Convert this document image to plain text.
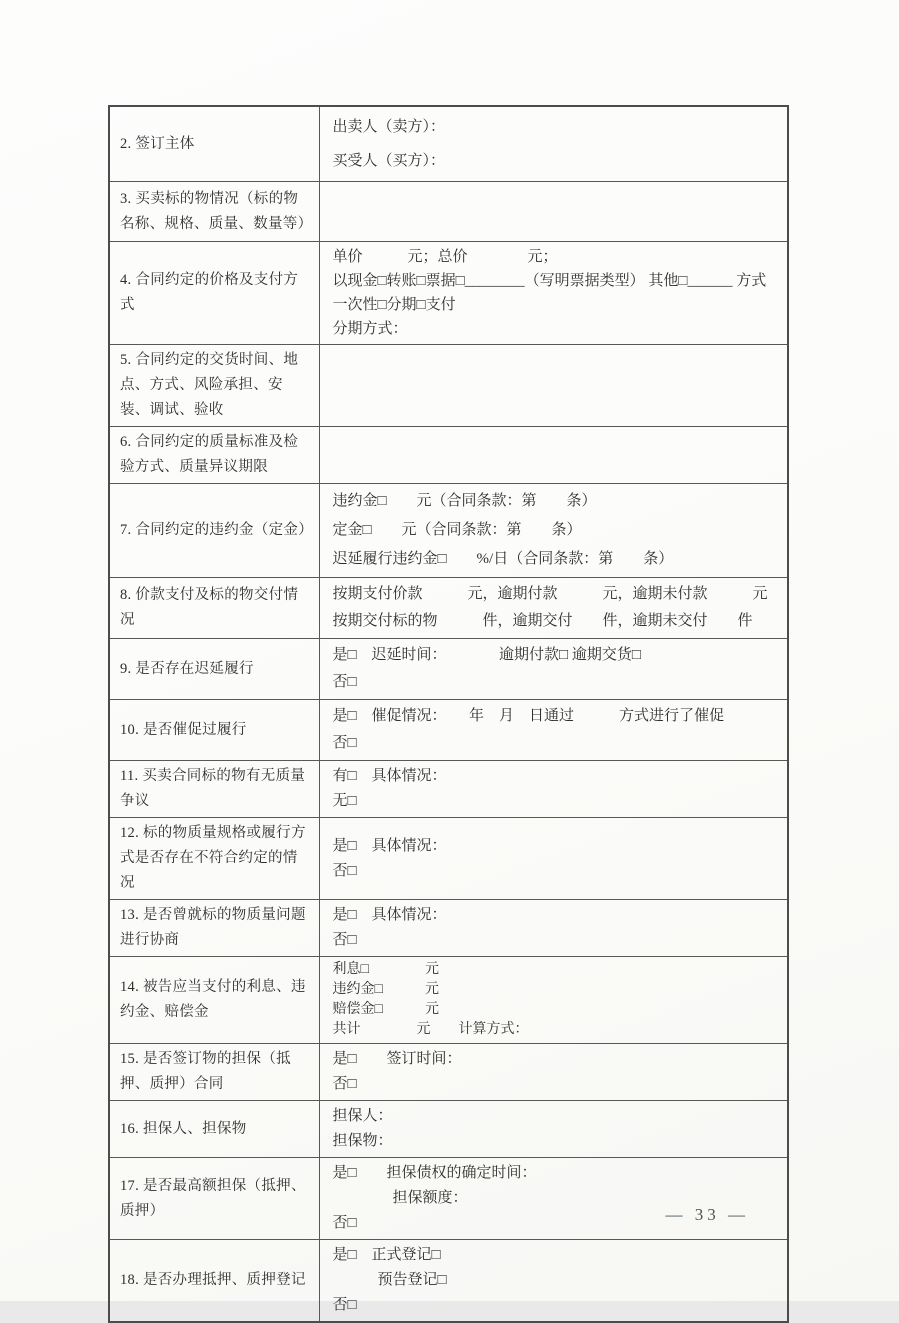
2. 签订主体	出卖人（卖方）：
买受人（买方）：

3. 买卖标的物情况（标的物名称、规格、质量、数量等）	
4. 合同约定的价格及支付方式	单价　　　元；总价　　　　元；
以现金□转账□票据□________（写明票据类型） 其他□______ 方式
一次性□分期□支付
分期方式：

5. 合同约定的交货时间、地点、方式、风险承担、安装、调试、验收	
6. 合同约定的质量标准及检验方式、质量异议期限	
7. 合同约定的违约金（定金）	违约金□　　元（合同条款：第　　条）
定金□　　元（合同条款：第　　条）
迟延履行违约金□　　%/日（合同条款：第　　条）

8. 价款支付及标的物交付情况	按期支付价款　　　元，逾期付款　　　元，逾期未付款　　　元
按期交付标的物　　　件，逾期交付　　件，逾期未交付　　件

9. 是否存在迟延履行	是□　迟延时间：　　　　逾期付款□ 逾期交货□
否□

10. 是否催促过履行	是□　催促情况：　　年　月　日通过　　　方式进行了催促
否□

11. 买卖合同标的物有无质量争议	有□　具体情况：
无□

12. 标的物质量规格或履行方式是否存在不符合约定的情况	是□　具体情况：
否□

13. 是否曾就标的物质量问题进行协商	是□　具体情况：
否□

14. 被告应当支付的利息、违约金、赔偿金	利息□　　　　元
违约金□　　　元
赔偿金□　　　元
共计　　　　元　　计算方式：

15. 是否签订物的担保（抵押、质押）合同	是□　　签订时间：
否□

16. 担保人、担保物	担保人：
担保物：

17. 是否最高额担保（抵押、质押）	是□　　担保债权的确定时间：
　　　　担保额度：
否□

18. 是否办理抵押、质押登记	是□　正式登记□
　　　预告登记□
否□
— 33 —
